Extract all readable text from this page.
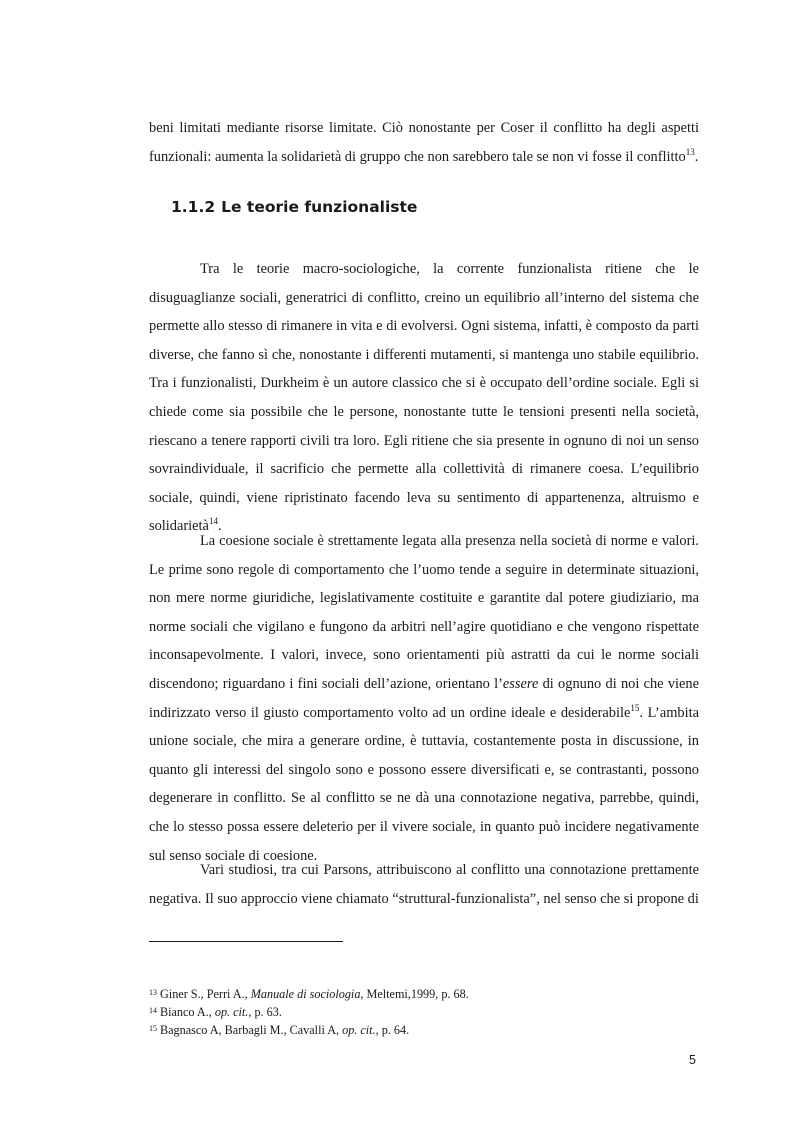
beni limitati mediante risorse limitate. Ciò nonostante per Coser il conflitto ha degli aspetti funzionali: aumenta la solidarietà di gruppo che non sarebbero tale se non vi fosse il conflitto$^{13}$.

1.1.2 Le teorie funzionaliste

Tra le teorie macro-sociologiche, la corrente funzionalista ritiene che le disuguaglianze sociali, generatrici di conflitto, creino un equilibrio all’interno del sistema che permette allo stesso di rimanere in vita e di evolversi. Ogni sistema, infatti, è composto da parti diverse, che fanno sì che, nonostante i differenti mutamenti, si mantenga uno stabile equilibrio. Tra i funzionalisti, Durkheim è un autore classico che si è occupato dell’ordine sociale. Egli si chiede come sia possibile che le persone, nonostante tutte le tensioni presenti nella società, riescano a tenere rapporti civili tra loro. Egli ritiene che sia presente in ognuno di noi un senso sovraindividuale, il sacrificio che permette alla collettività di rimanere coesa. L’equilibrio sociale, quindi, viene ripristinato facendo leva su sentimento di appartenenza, altruismo e solidarietà$^{14}$.

La coesione sociale è strettamente legata alla presenza nella società di norme e valori. Le prime sono regole di comportamento che l’uomo tende a seguire in determinate situazioni, non mere norme giuridiche, legislativamente costituite e garantite dal potere giudiziario, ma norme sociali che vigilano e fungono da arbitri nell’agire quotidiano e che vengono rispettate inconsapevolmente. I valori, invece, sono orientamenti più astratti da cui le norme sociali discendono; riguardano i fini sociali dell’azione, orientano l’essere di ognuno di noi che viene indirizzato verso il giusto comportamento volto ad un ordine ideale e desiderabile$^{15}$. L’ambita unione sociale, che mira a generare ordine, è tuttavia, costantemente posta in discussione, in quanto gli interessi del singolo sono e possono essere diversificati e, se contrastanti, possono degenerare in conflitto. Se al conflitto se ne dà una connotazione negativa, parrebbe, quindi, che lo stesso possa essere deleterio per il vivere sociale, in quanto può incidere negativamente sul senso sociale di coesione.

Vari studiosi, tra cui Parsons, attribuiscono al conflitto una connotazione prettamente negativa. Il suo approccio viene chiamato “struttural-funzionalista”, nel senso che si propone di

$^{13}$ Giner S., Perri A., Manuale di sociologia, Meltemi,1999, p. 68.

$^{14}$ Bianco A., op. cit., p. 63.

$^{15}$ Bagnasco A, Barbagli M., Cavalli A, op. cit., p. 64.

5
